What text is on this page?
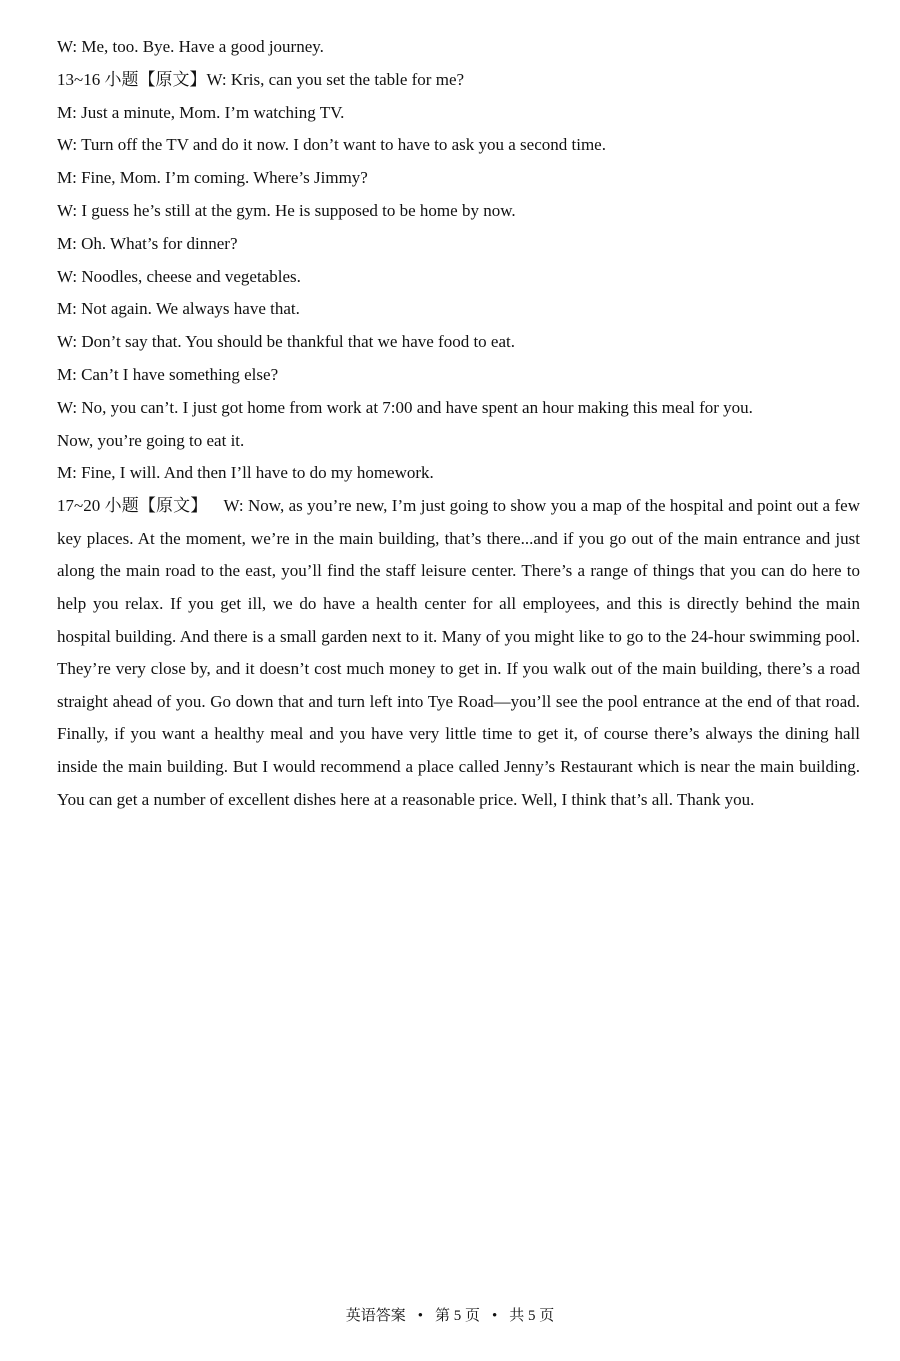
W: Me, too. Bye. Have a good journey.
13~16 小题【原文】W: Kris, can you set the table for me?
M: Just a minute, Mom. I’m watching TV.
W: Turn off the TV and do it now. I don’t want to have to ask you a second time.
M: Fine, Mom. I’m coming. Where’s Jimmy?
W: I guess he’s still at the gym. He is supposed to be home by now.
M: Oh. What’s for dinner?
W: Noodles, cheese and vegetables.
M: Not again. We always have that.
W: Don’t say that. You should be thankful that we have food to eat.
M: Can’t I have something else?
W: No, you can’t. I just got home from work at 7:00 and have spent an hour making this meal for you.
Now, you’re going to eat it.
M: Fine, I will. And then I’ll have to do my homework.

17~20 小题【原文】 W: Now, as you’re new, I’m just going to show you a map of the hospital and point out a few key places. At the moment, we’re in the main building, that’s there...and if you go out of the main entrance and just along the main road to the east, you’ll find the staff leisure center. There’s a range of things that you can do here to help you relax. If you get ill, we do have a health center for all employees, and this is directly behind the main hospital building. And there is a small garden next to it. Many of you might like to go to the 24-hour swimming pool. They’re very close by, and it doesn’t cost much money to get in. If you walk out of the main building, there’s a road straight ahead of you. Go down that and turn left into Tye Road—you’ll see the pool entrance at the end of that road. Finally, if you want a healthy meal and you have very little time to get it, of course there’s always the dining hall inside the main building. But I would recommend a place called Jenny’s Restaurant which is near the main building. You can get a number of excellent dishes here at a reasonable price. Well, I think that’s all. Thank you.

英语答案 • 第 5 页 • 共 5 页
